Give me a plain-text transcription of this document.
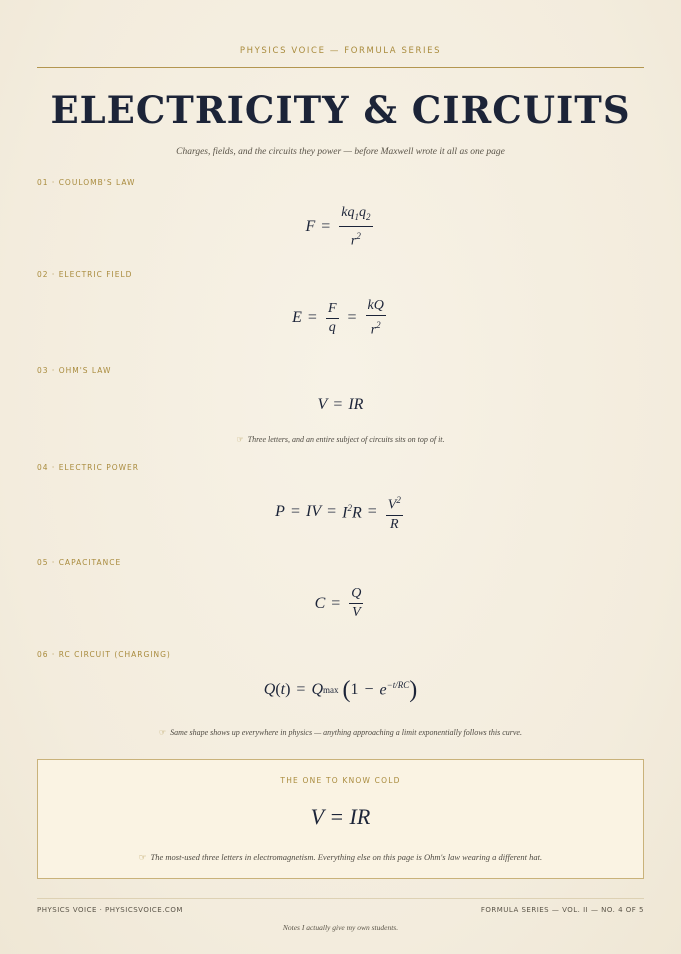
PHYSICS VOICE — FORMULA SERIES
ELECTRICITY & CIRCUITS
Charges, fields, and the circuits they power — before Maxwell wrote it all as one page
01 · COULOMB'S LAW
$F = \frac{kq_1q_2}{r^2}$
02 · ELECTRIC FIELD
$E = \frac{F}{q} = \frac{kQ}{r^2}$
03 · OHM'S LAW
V = IR
☞ Three letters, and an entire subject of circuits sits on top of it.
04 · ELECTRIC POWER
P = IV = $I^2R = \frac{V^2}{R}$
05 · CAPACITANCE
$C = \frac{Q}{V}$
06 · RC CIRCUIT (CHARGING)
Q ( t ) = Q max
( $1 - e^{-t/RC}$ )
☞ Same shape shows up everywhere in physics — anything approaching a limit exponentially follows this curve.
THE ONE TO KNOW COLD
V = IR
☞ The most-used three letters in electromagnetism. Everything else on this page is Ohm's law wearing a different hat.
PHYSICS VOICE · PHYSICSVOICE.COM	FORMULA SERIES — VOL. II — NO. 4 OF 5
Notes I actually give my own students.
